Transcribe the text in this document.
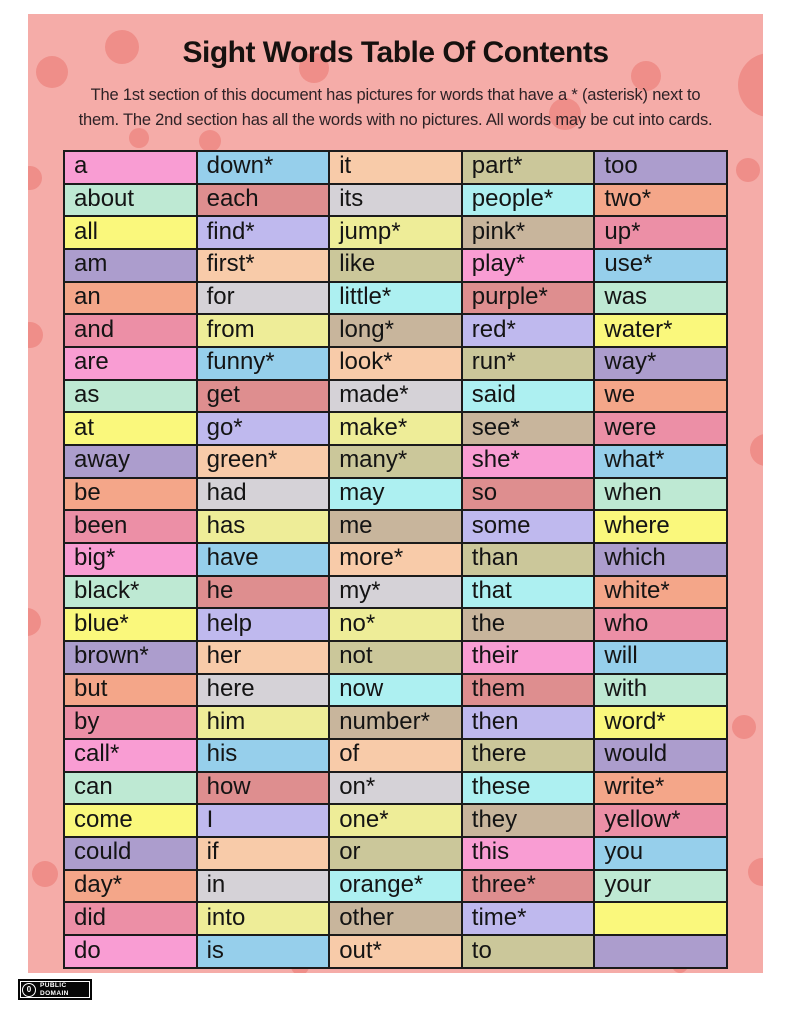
Sight Words Table Of Contents
The 1st section of this document has pictures for words that have a * (asterisk) next to
them. The 2nd section has all the words with no pictures. All words may be cut into cards.
a	down*	it	part*	too
about	each	its	people*	two*
all	find*	jump*	pink*	up*
am	first*	like	play*	use*
an	for	little*	purple*	was
and	from	long*	red*	water*
are	funny*	look*	run*	way*
as	get	made*	said	we
at	go*	make*	see*	were
away	green*	many*	she*	what*
be	had	may	so	when
been	has	me	some	where
big*	have	more*	than	which
black*	he	my*	that	white*
blue*	help	no*	the	who
brown*	her	not	their	will
but	here	now	them	with
by	him	number*	then	word*
call*	his	of	there	would
can	how	on*	these	write*
come	I	one*	they	yellow*
could	if	or	this	you
day*	in	orange*	three*	your
did	into	other	time*	
do	is	out*	to	
0	PUBLIC
DOMAIN
